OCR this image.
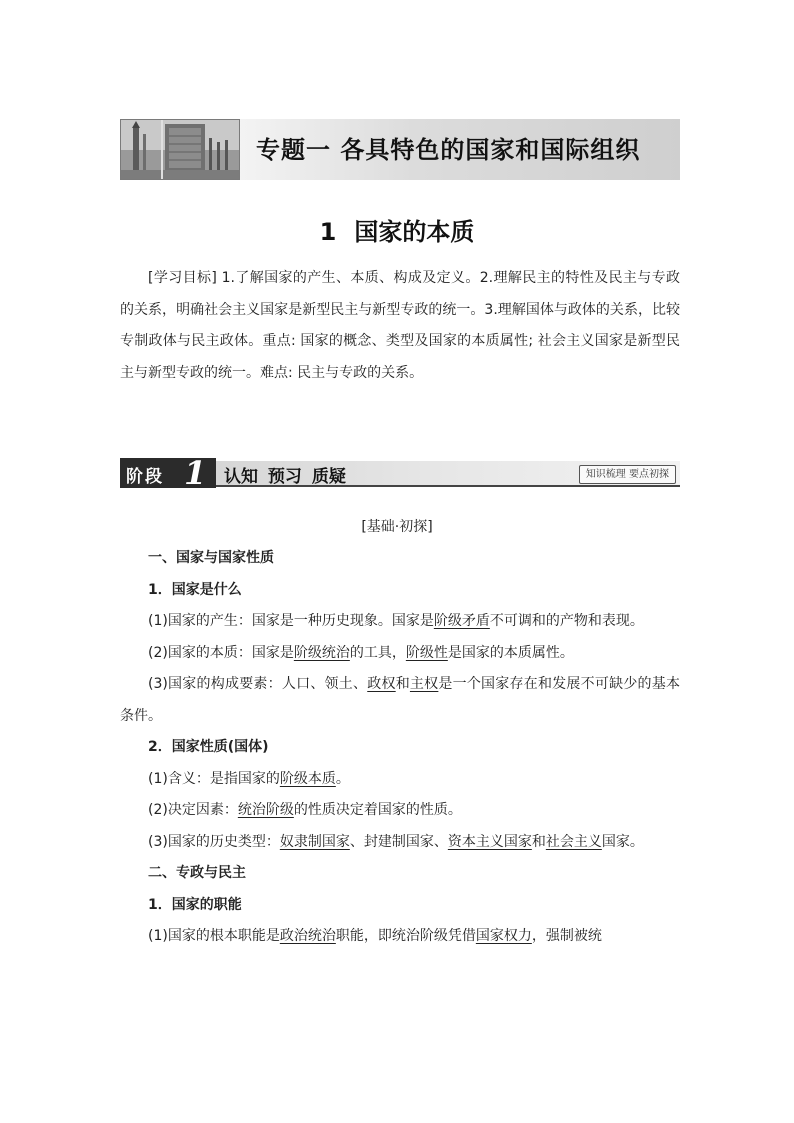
专题一 各具特色的国家和国际组织
1 国家的本质
[学习目标] 1.了解国家的产生、本质、构成及定义。2.理解民主的特性及民主与专政的关系，明确社会主义国家是新型民主与新型专政的统一。3.理解国体与政体的关系，比较专制政体与民主政体。重点: 国家的概念、类型及国家的本质属性; 社会主义国家是新型民主与新型专政的统一。难点: 民主与专政的关系。
阶段 1 认知 预习 质疑	知识梳理 要点初探
[基础·初探]

一、国家与国家性质

1．国家是什么

(1)国家的产生：国家是一种历史现象。国家是阶级矛盾不可调和的产物和表现。

(2)国家的本质：国家是阶级统治的工具，阶级性是国家的本质属性。

(3)国家的构成要素：人口、领土、政权和主权是一个国家存在和发展不可缺少的基本条件。

2．国家性质(国体)

(1)含义：是指国家的阶级本质。

(2)决定因素：统治阶级的性质决定着国家的性质。

(3)国家的历史类型：奴隶制国家、封建制国家、资本主义国家和社会主义国家。

二、专政与民主

1．国家的职能

(1)国家的根本职能是政治统治职能，即统治阶级凭借国家权力，强制被统
